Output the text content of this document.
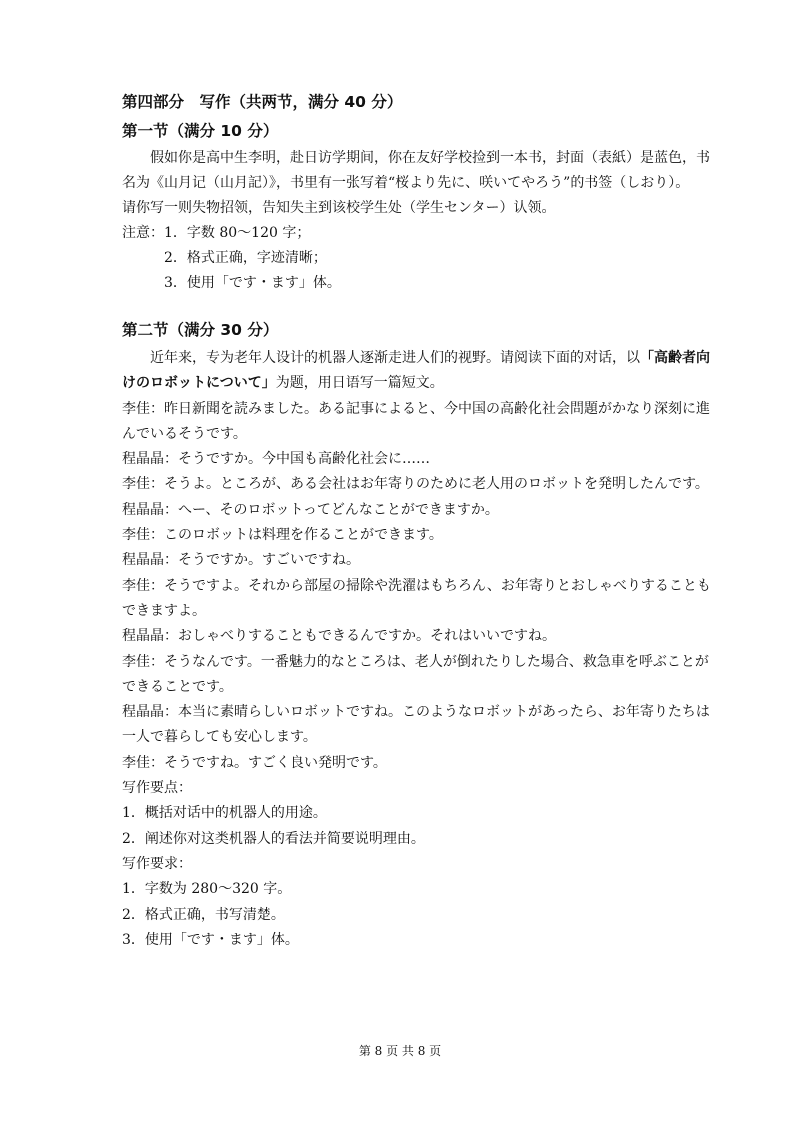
第四部分　写作（共两节，满分 40 分）
第一节（满分 10 分）

假如你是高中生李明，赴日访学期间，你在友好学校捡到一本书，封面（表紙）是蓝色，书名为《山月记（山月記）》，书里有一张写着“桜より先に、咲いてやろう”的书签（しおり）。

请你写一则失物招领，告知失主到该校学生处（学生センター）认领。

注意：1．字数 80～120 字；
2．格式正确，字迹清晰；
3．使用「です・ます」体。
第二节（满分 30 分）

近年来，专为老年人设计的机器人逐渐走进人们的视野。请阅读下面的对话，以「高齢者向けのロボットについて」为题，用日语写一篇短文。

李佳：昨日新聞を読みました。ある記事によると、今中国の高齢化社会問題がかなり深刻に進んでいるそうです。
程晶晶：そうですか。今中国も高齢化社会に……
李佳：そうよ。ところが、ある会社はお年寄りのために老人用のロボットを発明したんです。
程晶晶：へー、そのロボットってどんなことができますか。
李佳：このロボットは料理を作ることができます。
程晶晶：そうですか。すごいですね。
李佳：そうですよ。それから部屋の掃除や洗濯はもちろん、お年寄りとおしゃべりすることもできますよ。
程晶晶：おしゃべりすることもできるんですか。それはいいですね。
李佳：そうなんです。一番魅力的なところは、老人が倒れたりした場合、救急車を呼ぶことができることです。
程晶晶：本当に素晴らしいロボットですね。このようなロボットがあったら、お年寄りたちは一人で暮らしても安心します。
李佳：そうですね。すごく良い発明です。

写作要点：

1．概括对话中的机器人的用途。

2．阐述你对这类机器人的看法并简要说明理由。

写作要求：

1．字数为 280～320 字。

2．格式正确，书写清楚。

3．使用「です・ます」体。

第 8 页 共 8 页
